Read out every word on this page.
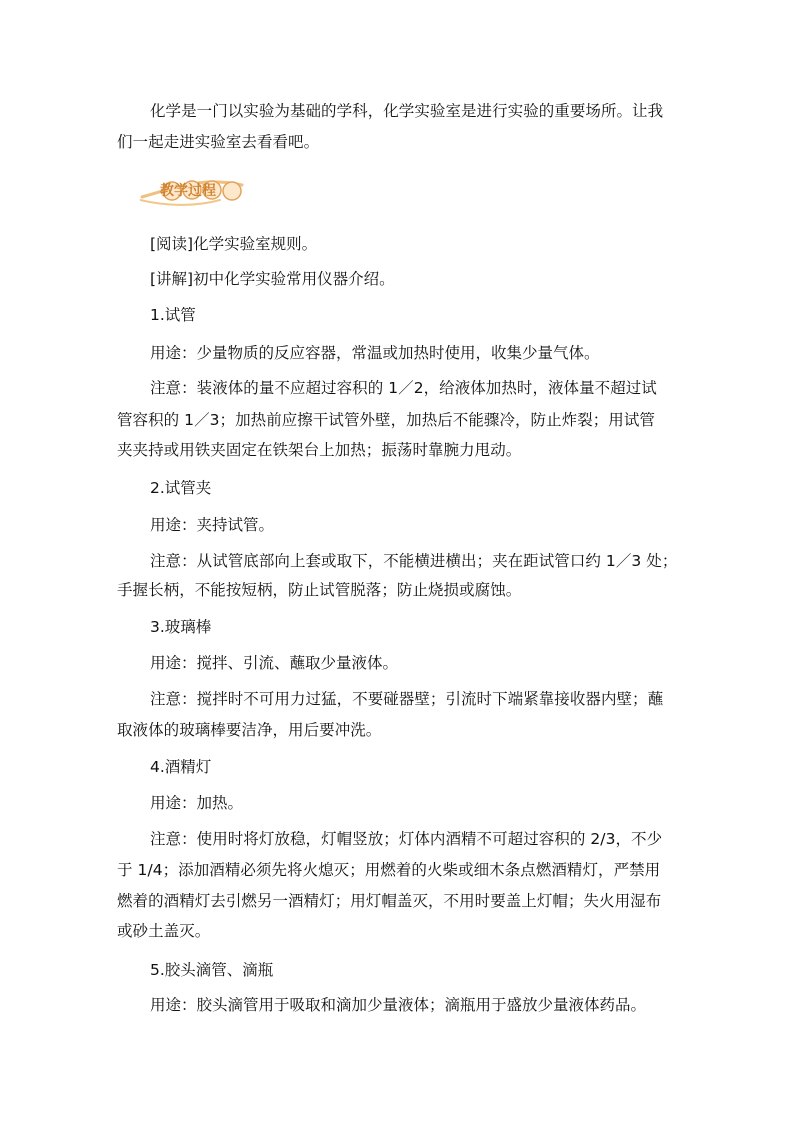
化学是一门以实验为基础的学科，化学实验室是进行实验的重要场所。让我

们一起走进实验室去看看吧。

教学过程

[阅读]化学实验室规则。

[讲解]初中化学实验常用仪器介绍。

1.试管

用途：少量物质的反应容器，常温或加热时使用，收集少量气体。

注意：装液体的量不应超过容积的 1／2，给液体加热时，液体量不超过试

管容积的 1／3；加热前应擦干试管外壁，加热后不能骤冷，防止炸裂；用试管

夹夹持或用铁夹固定在铁架台上加热；振荡时靠腕力甩动。

2.试管夹

用途：夹持试管。

注意：从试管底部向上套或取下，不能横进横出；夹在距试管口约 1／3 处；

手握长柄，不能按短柄，防止试管脱落；防止烧损或腐蚀。

3.玻璃棒

用途：搅拌、引流、蘸取少量液体。

注意：搅拌时不可用力过猛，不要碰器壁；引流时下端紧靠接收器内壁；蘸

取液体的玻璃棒要洁净，用后要冲洗。

4.酒精灯

用途：加热。

注意：使用时将灯放稳，灯帽竖放；灯体内酒精不可超过容积的 2/3，不少

于 1/4；添加酒精必须先将火熄灭；用燃着的火柴或细木条点燃酒精灯，严禁用

燃着的酒精灯去引燃另一酒精灯；用灯帽盖灭，不用时要盖上灯帽；失火用湿布

或砂土盖灭。

5.胶头滴管、滴瓶

用途：胶头滴管用于吸取和滴加少量液体；滴瓶用于盛放少量液体药品。
